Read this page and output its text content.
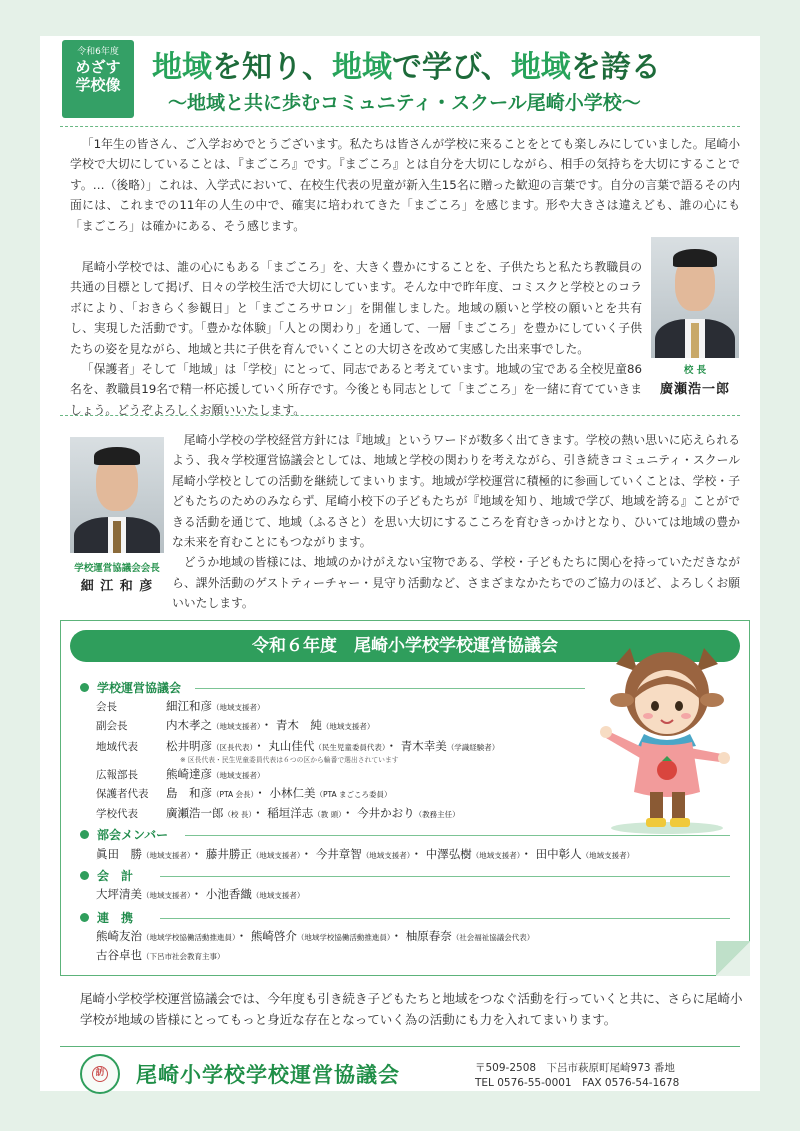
令和6年度
めざす
学校像	地域を知り、地域で学び、地域を誇る
〜地域と共に歩むコミュニティ・スクール尾崎小学校〜

「1年生の皆さん、ご入学おめでとうございます。私たちは皆さんが学校に来ることをとても楽しみにしていました。尾崎小学校で大切にしていることは、『まごころ』です。『まごころ』とは自分を大切にしながら、相手の気持ちを大切にすることです。…（後略）」これは、入学式において、在校生代表の児童が新入生15名に贈った歓迎の言葉です。自分の言葉で語るその内面には、これまでの11年の人生の中で、確実に培われてきた「まごころ」を感じます。形や大きさは違えども、誰の心にも「まごころ」は確かにある、そう感じます。

尾崎小学校では、誰の心にもある「まごころ」を、大きく豊かにすることを、子供たちと私たち教職員の共通の目標として掲げ、日々の学校生活で大切にしています。そんな中で昨年度、コミスクと学校とのコラボにより、「おきらく参観日」と「まごころサロン」を開催しました。地域の願いと学校の願いとを共有し、実現した活動です。「豊かな体験」「人との関わり」を通して、一層「まごころ」を豊かにしていく子供たちの姿を見ながら、地域と共に子供を育んでいくことの大切さを改めて実感した出来事でした。

「保護者」そして「地域」は「学校」にとって、同志であると考えています。地域の宝である全校児童86名を、教職員19名で精一杯応援していく所存です。今後とも同志として「まごころ」を一緒に育てていきましょう。どうぞよろしくお願いいたします。

校 長
廣瀬浩一郎
学校運営協議会会長
細 江 和 彦

尾崎小学校の学校経営方針には『地域』というワードが数多く出てきます。学校の熱い思いに応えられるよう、我々学校運営協議会としては、地域と学校の関わりを考えながら、引き続きコミュニティ・スクール尾崎小学校としての活動を継続してまいります。地域が学校運営に積極的に参画していくことは、学校・子どもたちのためのみならず、尾崎小校下の子どもたちが『地域を知り、地域で学び、地域を誇る』ことができる活動を通じて、地域（ふるさと）を思い大切にするこころを育むきっかけとなり、ひいては地域の豊かな未来を育むことにもつながります。

どうか地域の皆様には、地域のかけがえない宝物である、学校・子どもたちに関心を持っていただきながら、課外活動のゲストティーチャー・見守り活動など、さまざまなかたちでのご協力のほど、よろしくお願いいたします。

令和６年度　尾崎小学校学校運営協議会
学校運営協議会
会長	細江和彦（地域支援者）
副会長	内木孝之（地域支援者）・ 青木　純（地域支援者）
地域代表 松井明彦（区長代表）・ 丸山佳代（民生児童委員代表）・ 青木幸美（学識経験者）
※ 区長代表・民生児童委員代表は６つの区から輪番で選出されています
広報部長 熊崎達彦（地域支援者）
保護者代表 島　和彦（PTA 会長）・ 小林仁美（PTA まごころ委員）
学校代表 廣瀬浩一郎（校 長）・ 稲垣洋志（教 頭）・ 今井かおり（教務主任）
部会メンバー
眞田　勝（地域支援者）・ 藤井勝正（地域支援者）・ 今井章智（地域支援者）・ 中澤弘樹（地域支援者）・ 田中彰人（地域支援者）
会　計
大坪清美（地域支援者）・ 小池香織（地域支援者）
連　携
熊崎友治（地域学校協働活動推進員）・ 熊崎啓介（地域学校協働活動推進員）・ 柚原春奈（社会福祉協議会代表）
古谷卓也（下呂市社会教育主事）
尾崎小学校学校運営協議会では、今年度も引き続き子どもたちと地域をつなぐ活動を行っていくと共に、さらに尾崎小学校が地域の皆様にとってもっと身近な存在となっていく為の活動にも力を入れてまいります。
訪 尾崎小学校学校運営協議会	〒509-2508　下呂市萩原町尾崎973 番地
TEL 0576-55-0001　FAX 0576-54-1678
